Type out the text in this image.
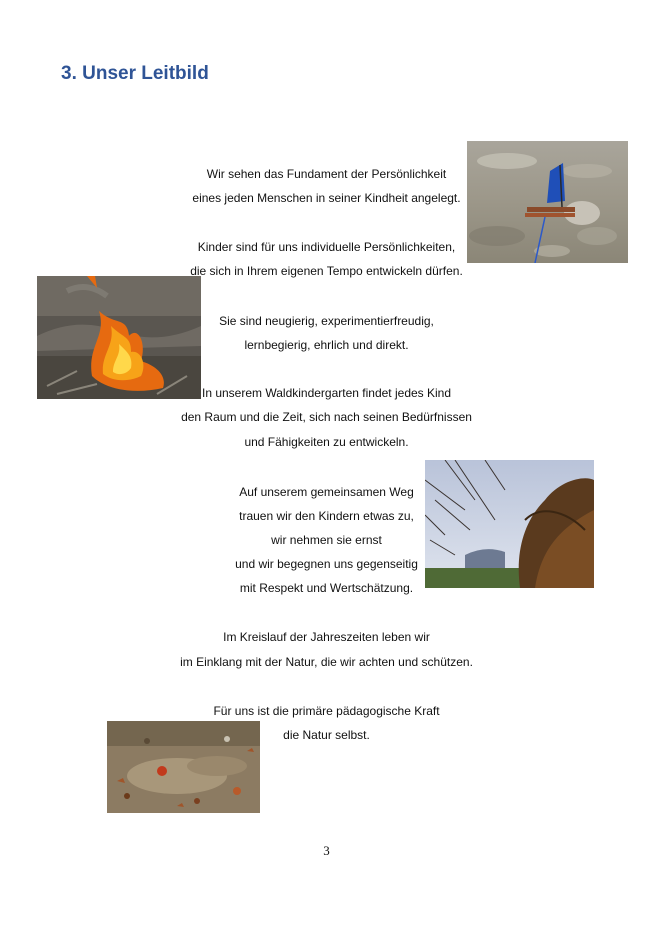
3. Unser Leitbild
Wir sehen das Fundament der Persönlichkeit
eines jeden Menschen in seiner Kindheit angelegt.
Kinder sind für uns individuelle Persönlichkeiten,
die sich in Ihrem eigenen Tempo entwickeln dürfen.
Sie sind neugierig, experimentierfreudig,
lernbegierig, ehrlich und direkt.
In unserem Waldkindergarten findet jedes Kind
den Raum und die Zeit, sich nach seinen Bedürfnissen
und Fähigkeiten zu entwickeln.
Auf unserem gemeinsamen Weg
trauen wir den Kindern etwas zu,
wir nehmen sie ernst
und wir begegnen uns gegenseitig
mit Respekt und Wertschätzung.
Im Kreislauf der Jahreszeiten leben wir
im Einklang mit der Natur, die wir achten und schützen.
Für uns ist die primäre pädagogische Kraft
die Natur selbst.
3
